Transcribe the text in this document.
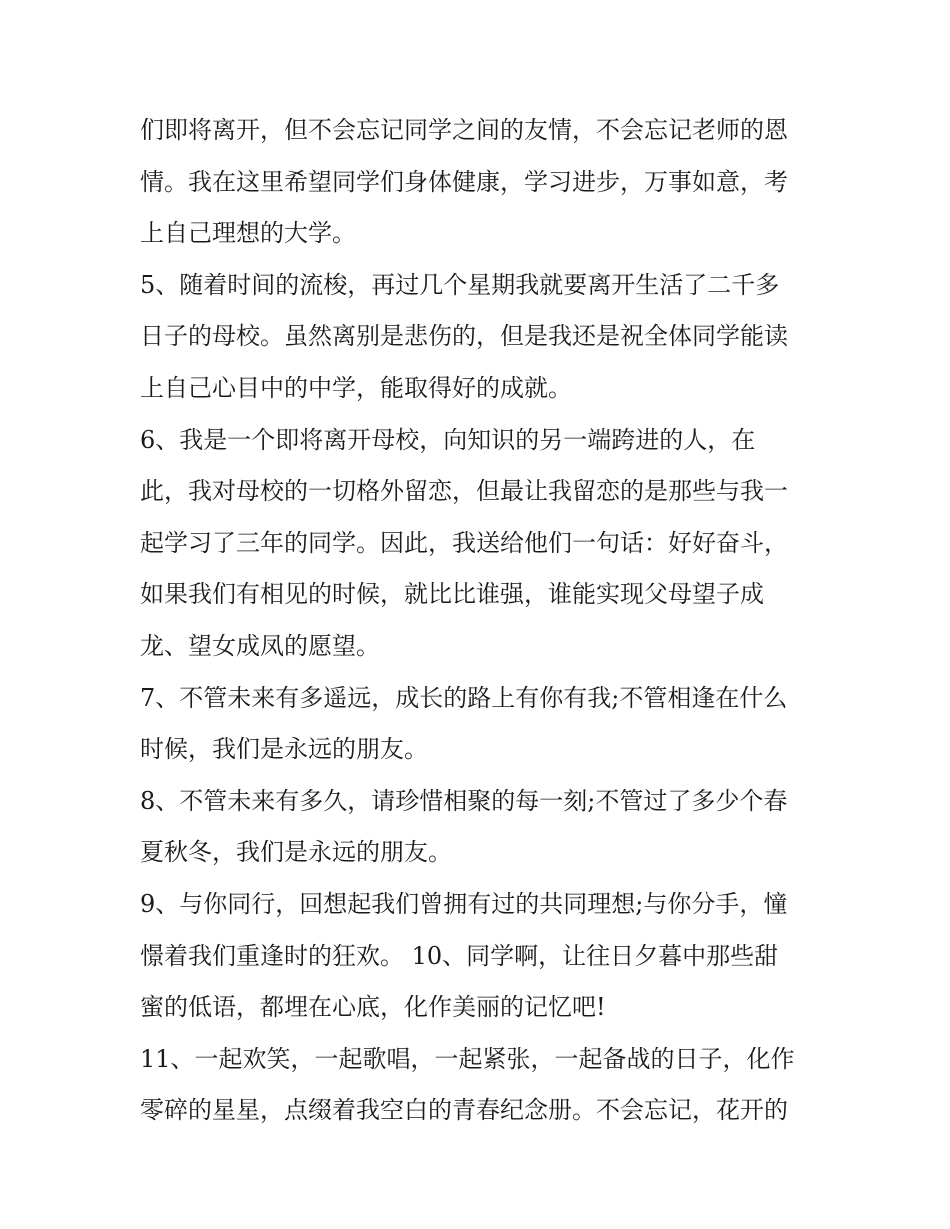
们即将离开，但不会忘记同学之间的友情，不会忘记老师的恩
情。我在这里希望同学们身体健康，学习进步，万事如意，考
上自己理想的大学。
5、随着时间的流梭，再过几个星期我就要离开生活了二千多
日子的母校。虽然离别是悲伤的，但是我还是祝全体同学能读
上自己心目中的中学，能取得好的成就。
6、我是一个即将离开母校，向知识的另一端跨进的人，在
此，我对母校的一切格外留恋，但最让我留恋的是那些与我一
起学习了三年的同学。因此，我送给他们一句话：好好奋斗，
如果我们有相见的时候，就比比谁强，谁能实现父母望子成
龙、望女成凤的愿望。
7、不管未来有多遥远，成长的路上有你有我;不管相逢在什么
时候，我们是永远的朋友。
8、不管未来有多久，请珍惜相聚的每一刻;不管过了多少个春
夏秋冬，我们是永远的朋友。
9、与你同行，回想起我们曾拥有过的共同理想;与你分手，憧
憬着我们重逢时的狂欢。 10、同学啊，让往日夕暮中那些甜
蜜的低语，都埋在心底，化作美丽的记忆吧!
11、一起欢笑，一起歌唱，一起紧张，一起备战的日子，化作
零碎的星星，点缀着我空白的青春纪念册。不会忘记，花开的
